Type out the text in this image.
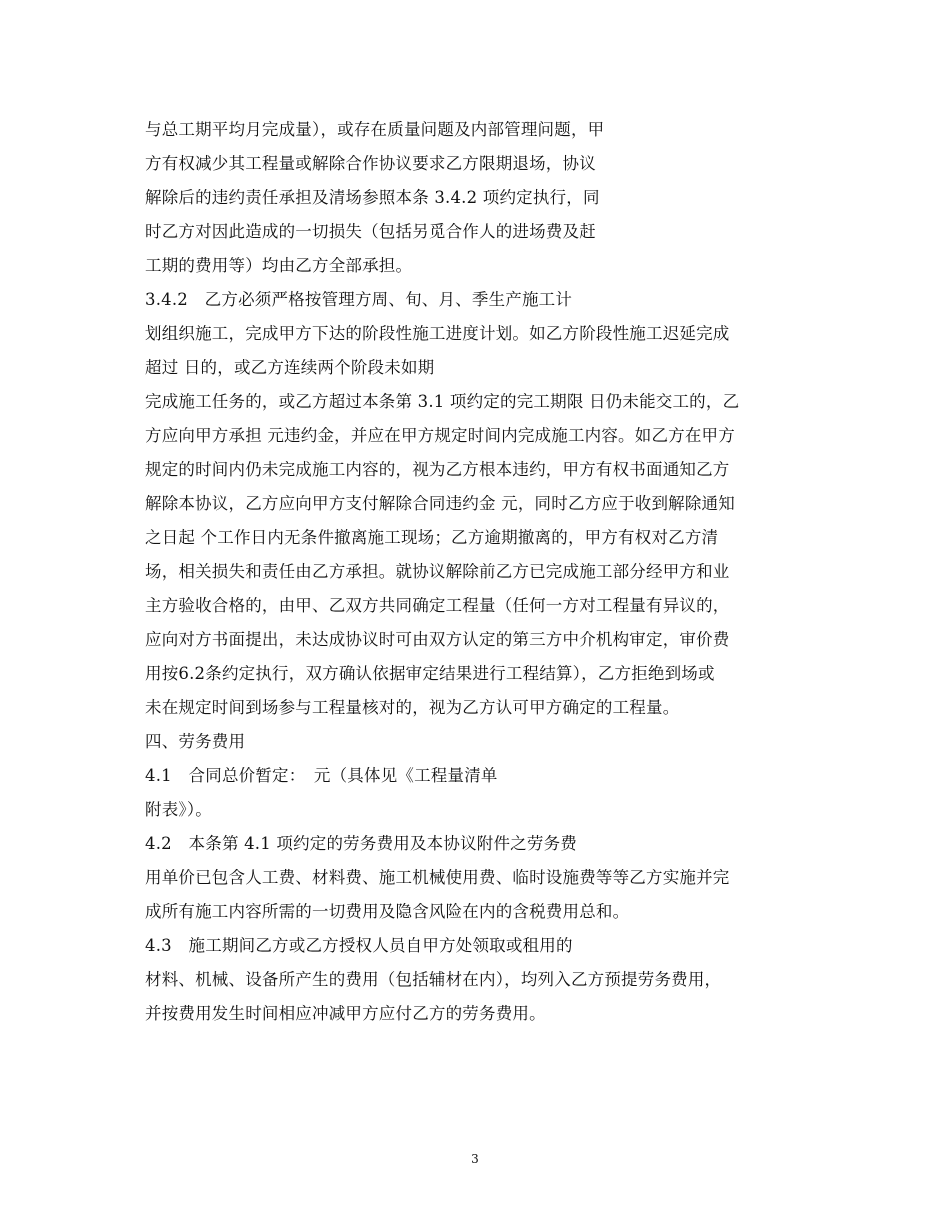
与总工期平均月完成量），或存在质量问题及内部管理问题，甲
方有权减少其工程量或解除合作协议要求乙方限期退场，协议
解除后的违约责任承担及清场参照本条 3.4.2 项约定执行，同
时乙方对因此造成的一切损失（包括另觅合作人的进场费及赶
工期的费用等）均由乙方全部承担。
3.4.2　乙方必须严格按管理方周、旬、月、季生产施工计
划组织施工，完成甲方下达的阶段性施工进度计划。如乙方阶段性施工迟延完成
超过 日的，或乙方连续两个阶段未如期
完成施工任务的，或乙方超过本条第 3.1 项约定的完工期限 日仍未能交工的，乙
方应向甲方承担 元违约金，并应在甲方规定时间内完成施工内容。如乙方在甲方
规定的时间内仍未完成施工内容的，视为乙方根本违约，甲方有权书面通知乙方
解除本协议，乙方应向甲方支付解除合同违约金 元，同时乙方应于收到解除通知
之日起 个工作日内无条件撤离施工现场；乙方逾期撤离的，甲方有权对乙方清
场，相关损失和责任由乙方承担。就协议解除前乙方已完成施工部分经甲方和业
主方验收合格的，由甲、乙双方共同确定工程量（任何一方对工程量有异议的，
应向对方书面提出，未达成协议时可由双方认定的第三方中介机构审定，审价费
用按6.2条约定执行，双方确认依据审定结果进行工程结算），乙方拒绝到场或
未在规定时间到场参与工程量核对的，视为乙方认可甲方确定的工程量。
四、劳务费用
4.1　合同总价暂定：　元（具体见《工程量清单
附表》）。
4.2　本条第 4.1 项约定的劳务费用及本协议附件之劳务费
用单价已包含人工费、材料费、施工机械使用费、临时设施费等等乙方实施并完
成所有施工内容所需的一切费用及隐含风险在内的含税费用总和。
4.3　施工期间乙方或乙方授权人员自甲方处领取或租用的
材料、机械、设备所产生的费用（包括辅材在内），均列入乙方预提劳务费用，
并按费用发生时间相应冲减甲方应付乙方的劳务费用。
3
